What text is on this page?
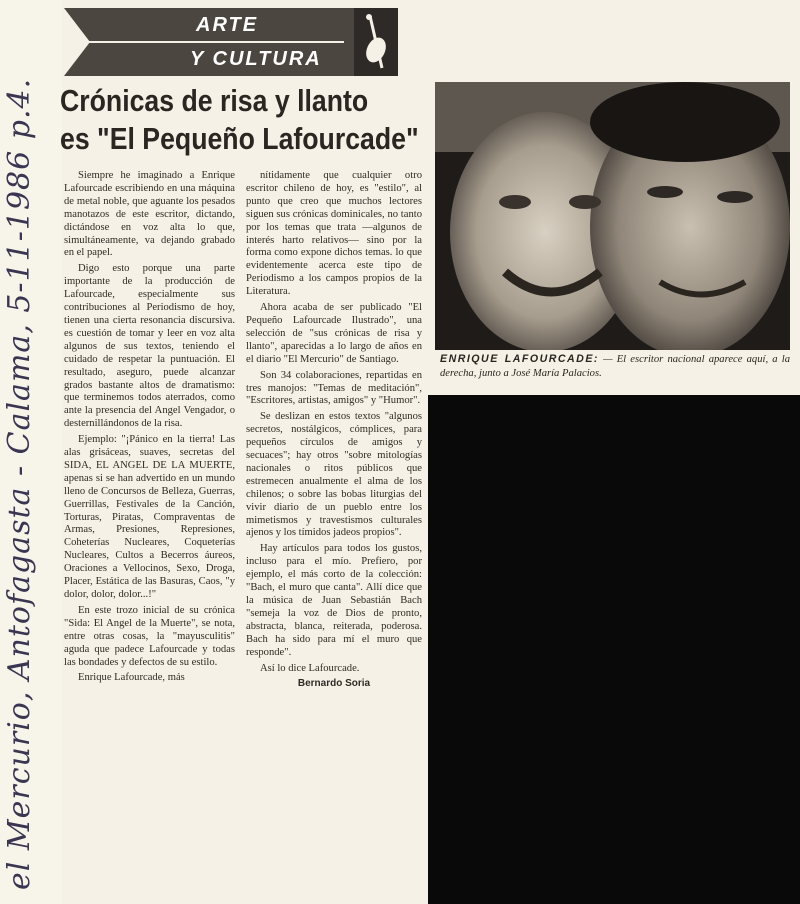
el Mercurio, Antofagasta - Calama, 5-11-1986 p.4.
ARTE
Y CULTURA
Crónicas de risa y llanto
es "El Pequeño Lafourcade"

Siempre he imaginado a Enrique Lafourcade escribiendo en una máquina de metal noble, que aguante los pesados manotazos de este escritor, dictando, dictándose en voz alta lo que, simultáneamente, va dejando grabado en el papel.

Digo esto porque una parte importante de la producción de Lafourcade, especialmente sus contribuciones al Periodismo de hoy, tienen una cierta resonancia discursiva. es cuestión de tomar y leer en voz alta algunos de sus textos, teniendo el cuidado de respetar la puntuación. El resultado, aseguro, puede alcanzar grados bastante altos de dramatismo: que terminemos todos aterrados, como ante la presencia del Angel Vengador, o desternillándonos de la risa.

Ejemplo: "¡Pánico en la tierra! Las alas grisáceas, suaves, secretas del SIDA, EL ANGEL DE LA MUERTE, apenas si se han advertido en un mundo lleno de Concursos de Belleza, Guerras, Guerrillas, Festivales de la Canción, Torturas, Piratas, Compraventas de Armas, Presiones, Represiones, Coheterías Nucleares, Coqueterías Nucleares, Cultos a Becerros áureos, Oraciones a Vellocinos, Sexo, Droga, Placer, Estática de las Basuras, Caos, "y dolor, dolor, dolor...!"

En este trozo inicial de su crónica "Sida: El Angel de la Muerte", se nota, entre otras cosas, la "mayusculitis" aguda que padece Lafourcade y todas las bondades y defectos de su estilo.

Enrique Lafourcade, más

nítidamente que cualquier otro escritor chileno de hoy, es "estilo", al punto que creo que muchos lectores siguen sus crónicas dominicales, no tanto por los temas que trata —algunos de interés harto relativos— sino por la forma como expone dichos temas. lo que evidentemente acerca este tipo de Periodismo a los campos propios de la Literatura.

Ahora acaba de ser publicado "El Pequeño Lafourcade Ilustrado", una selección de "sus crónicas de risa y llanto", aparecidas a lo largo de años en el diario "El Mercurio" de Santiago.

Son 34 colaboraciones, repartidas en tres manojos: "Temas de meditación", "Escritores, artistas, amigos" y "Humor".

Se deslizan en estos textos "algunos secretos, nostálgicos, cómplices, para pequeños círculos de amigos y secuaces"; hay otros "sobre mitologías nacionales o ritos públicos que estremecen anualmente el alma de los chilenos; o sobre las bobas liturgias del vivir diario de un pueblo entre los mimetismos y travestismos culturales ajenos y los tímidos jadeos propios".

Hay artículos para todos los gustos, incluso para el mío. Prefiero, por ejemplo, el más corto de la colección: "Bach, el muro que canta". Allí dice que la música de Juan Sebastián Bach "semeja la voz de Dios de pronto, abstracta, blanca, reiterada, poderosa. Bach ha sido para mí el muro que responde".

Así lo dice Lafourcade.

Bernardo Soria

ENRIQUE LAFOURCADE: — El escritor nacional aparece aquí, a la derecha, junto a José María Palacios.
